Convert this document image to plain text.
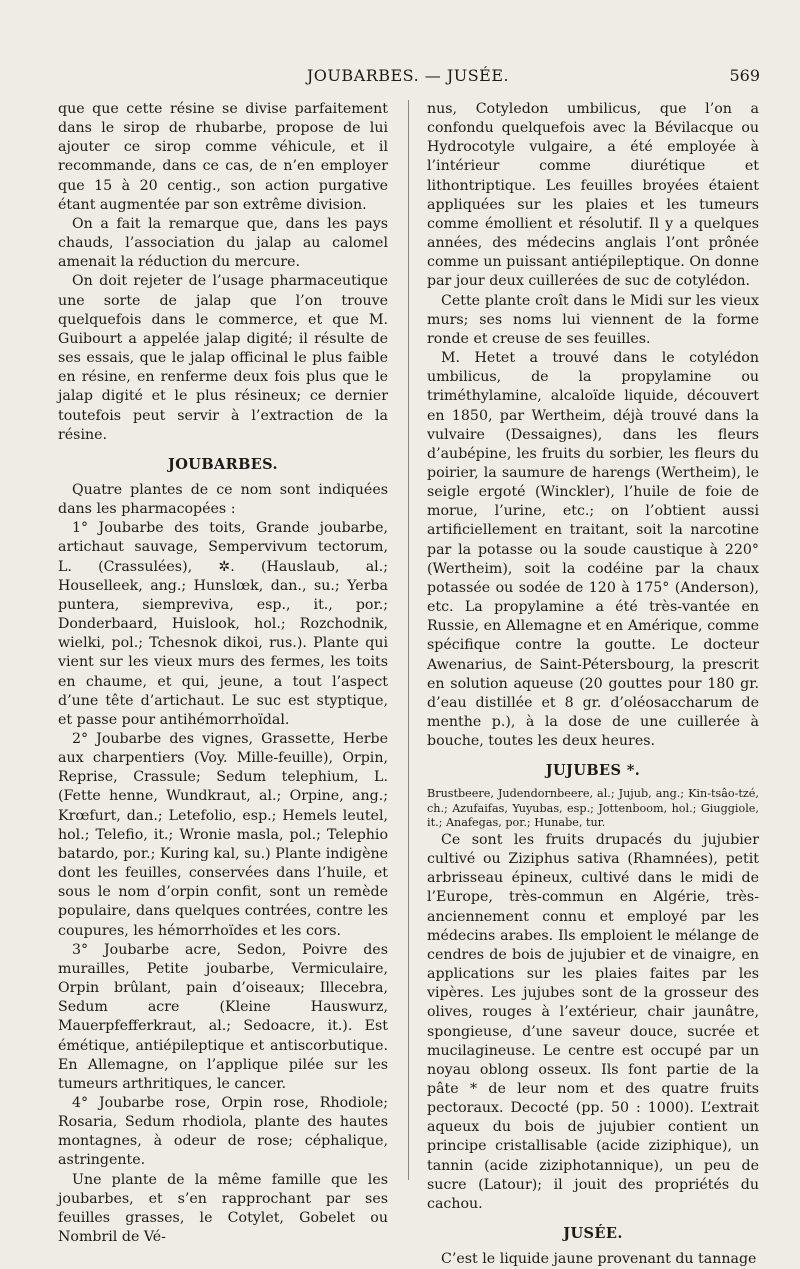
JOUBARBES. — JUSÉE.	569

que que cette résine se divise parfaitement dans le sirop de rhubarbe, propose de lui ajouter ce sirop comme véhicule, et il recommande, dans ce cas, de n’en employer que 15 à 20 centig., son action purgative étant augmentée par son extrême division.

On a fait la remarque que, dans les pays chauds, l’association du jalap au calomel amenait la réduction du mercure.

On doit rejeter de l’usage pharmaceutique une sorte de jalap que l’on trouve quelquefois dans le commerce, et que M. Guibourt a appelée jalap digité; il résulte de ses essais, que le jalap officinal le plus faible en résine, en renferme deux fois plus que le jalap digité et le plus résineux; ce dernier toutefois peut servir à l’extraction de la résine.

JOUBARBES.

Quatre plantes de ce nom sont indiquées dans les pharmacopées :

1° Joubarbe des toits, Grande joubarbe, artichaut sauvage, Sempervivum tectorum, L. (Crassulées), ✲. (Hauslaub, al.; Houselleek, ang.; Hunslœk, dan., su.; Yerba puntera, siempreviva, esp., it., por.; Donderbaard, Huislook, hol.; Rozchodnik, wielki, pol.; Tchesnok dikoi, rus.). Plante qui vient sur les vieux murs des fermes, les toits en chaume, et qui, jeune, a tout l’aspect d’une tête d’artichaut. Le suc est styptique, et passe pour antihémorrhoïdal.

2° Joubarbe des vignes, Grassette, Herbe aux charpentiers (Voy. Mille-feuille), Orpin, Reprise, Crassule; Sedum telephium, L. (Fette henne, Wundkraut, al.; Orpine, ang.; Krœfurt, dan.; Letefolio, esp.; Hemels leutel, hol.; Telefio, it.; Wronie masla, pol.; Telephio batardo, por.; Kuring kal, su.) Plante indigène dont les feuilles, conservées dans l’huile, et sous le nom d’orpin confit, sont un remède populaire, dans quelques contrées, contre les coupures, les hémorrhoïdes et les cors.

3° Joubarbe acre, Sedon, Poivre des murailles, Petite joubarbe, Vermiculaire, Orpin brûlant, pain d’oiseaux; Illecebra, Sedum acre (Kleine Hauswurz, Mauerpfefferkraut, al.; Sedoacre, it.). Est émétique, antiépileptique et antiscorbutique. En Allemagne, on l’applique pilée sur les tumeurs arthritiques, le cancer.

4° Joubarbe rose, Orpin rose, Rhodiole; Rosaria, Sedum rhodiola, plante des hautes montagnes, à odeur de rose; céphalique, astringente.

Une plante de la même famille que les joubarbes, et s’en rapprochant par ses feuilles grasses, le Cotylet, Gobelet ou Nombril de Vé-

nus, Cotyledon umbilicus, que l’on a confondu quelquefois avec la Bévilacque ou Hydrocotyle vulgaire, a été employée à l’intérieur comme diurétique et lithontriptique. Les feuilles broyées étaient appliquées sur les plaies et les tumeurs comme émollient et résolutif. Il y a quelques années, des médecins anglais l’ont prônée comme un puissant antiépileptique. On donne par jour deux cuillerées de suc de cotylédon.

Cette plante croît dans le Midi sur les vieux murs; ses noms lui viennent de la forme ronde et creuse de ses feuilles.

M. Hetet a trouvé dans le cotylédon umbilicus, de la propylamine ou triméthylamine, alcaloïde liquide, découvert en 1850, par Wertheim, déjà trouvé dans la vulvaire (Dessaignes), dans les fleurs d’aubépine, les fruits du sorbier, les fleurs du poirier, la saumure de harengs (Wertheim), le seigle ergoté (Winckler), l’huile de foie de morue, l’urine, etc.; on l’obtient aussi artificiellement en traitant, soit la narcotine par la potasse ou la soude caustique à 220° (Wertheim), soit la codéine par la chaux potassée ou sodée de 120 à 175° (Anderson), etc. La propylamine a été très-vantée en Russie, en Allemagne et en Amérique, comme spécifique contre la goutte. Le docteur Awenarius, de Saint-Pétersbourg, la prescrit en solution aqueuse (20 gouttes pour 180 gr. d’eau distillée et 8 gr. d’oléosaccharum de menthe p.), à la dose de une cuillerée à bouche, toutes les deux heures.

JUJUBES *.

Brustbeere, Judendornbeere, al.; Jujub, ang.; Kin-tsâo-tzé, ch.; Azufaifas, Yuyubas, esp.; Jottenboom, hol.; Giuggiole, it.; Anafegas, por.; Hunabe, tur.

Ce sont les fruits drupacés du jujubier cultivé ou Ziziphus sativa (Rhamnées), petit arbrisseau épineux, cultivé dans le midi de l’Europe, très-commun en Algérie, très-anciennement connu et employé par les médecins arabes. Ils emploient le mélange de cendres de bois de jujubier et de vinaigre, en applications sur les plaies faites par les vipères. Les jujubes sont de la grosseur des olives, rouges à l’extérieur, chair jaunâtre, spongieuse, d’une saveur douce, sucrée et mucilagineuse. Le centre est occupé par un noyau oblong osseux. Ils font partie de la pâte * de leur nom et des quatre fruits pectoraux. Decocté (pp. 50 : 1000). L’extrait aqueux du bois de jujubier contient un principe cristallisable (acide ziziphique), un tannin (acide ziziphotannique), un peu de sucre (Latour); il jouit des propriétés du cachou.

JUSÉE.

C’est le liquide jaune provenant du tannage
